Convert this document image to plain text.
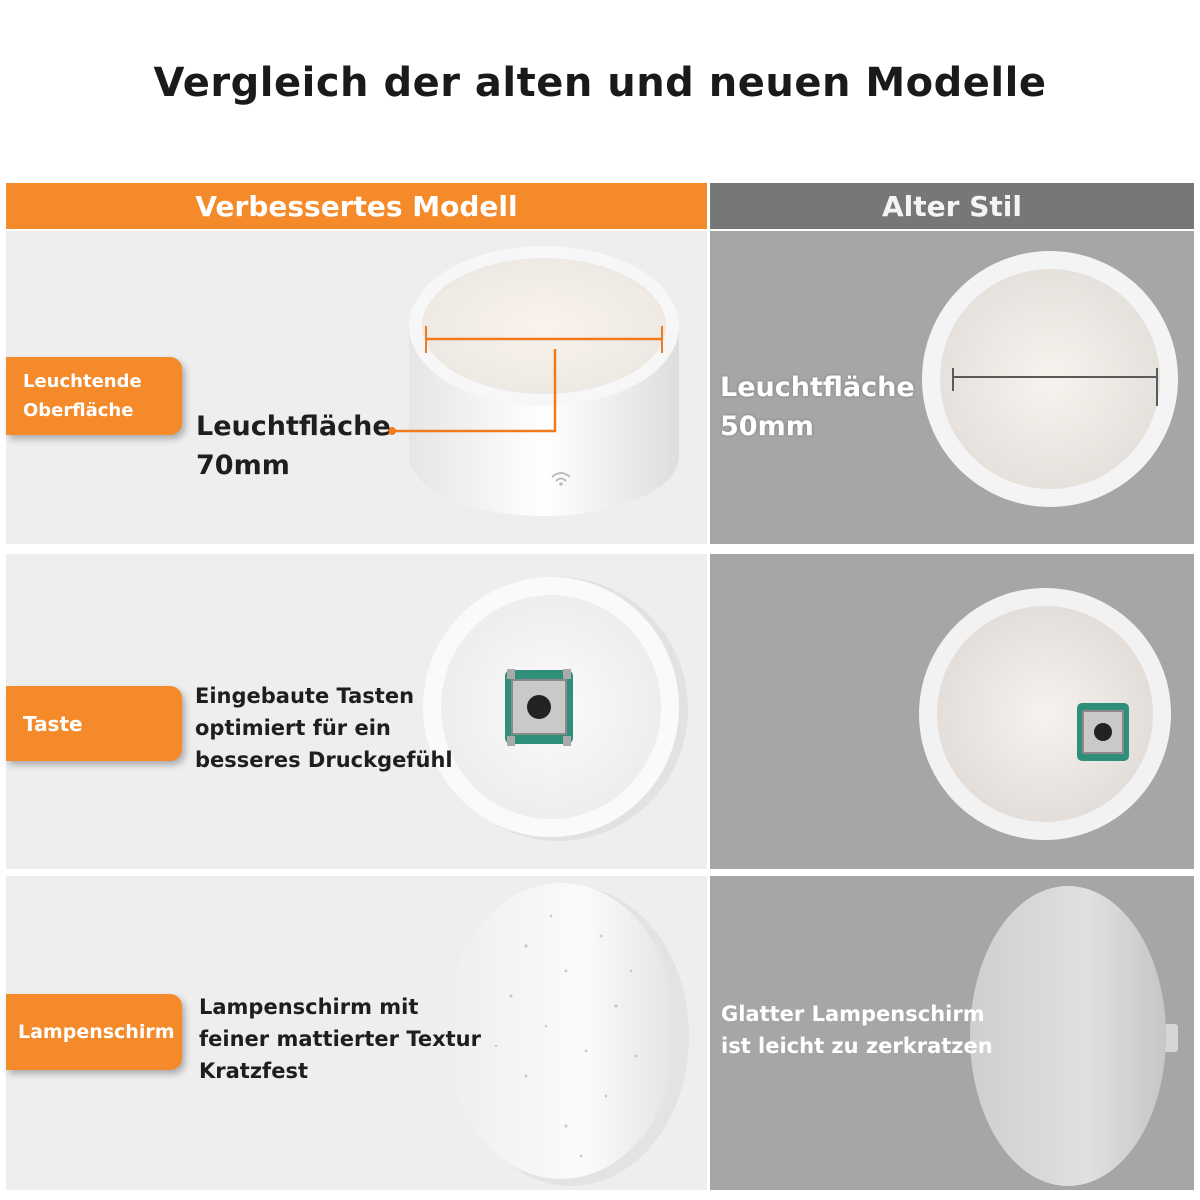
Vergleich der alten und neuen Modelle
Verbessertes Modell	Alter Stil
Leuchtfläche
70mm
Leuchtfläche
50mm
Leuchtende
Oberfläche
Eingebaute Tasten
optimiert für ein
besseres Druckgefühl
Taste
Lampenschirm mit
feiner mattierter Textur
Kratzfest
Glatter Lampenschirm
ist leicht zu zerkratzen
Lampenschirm
